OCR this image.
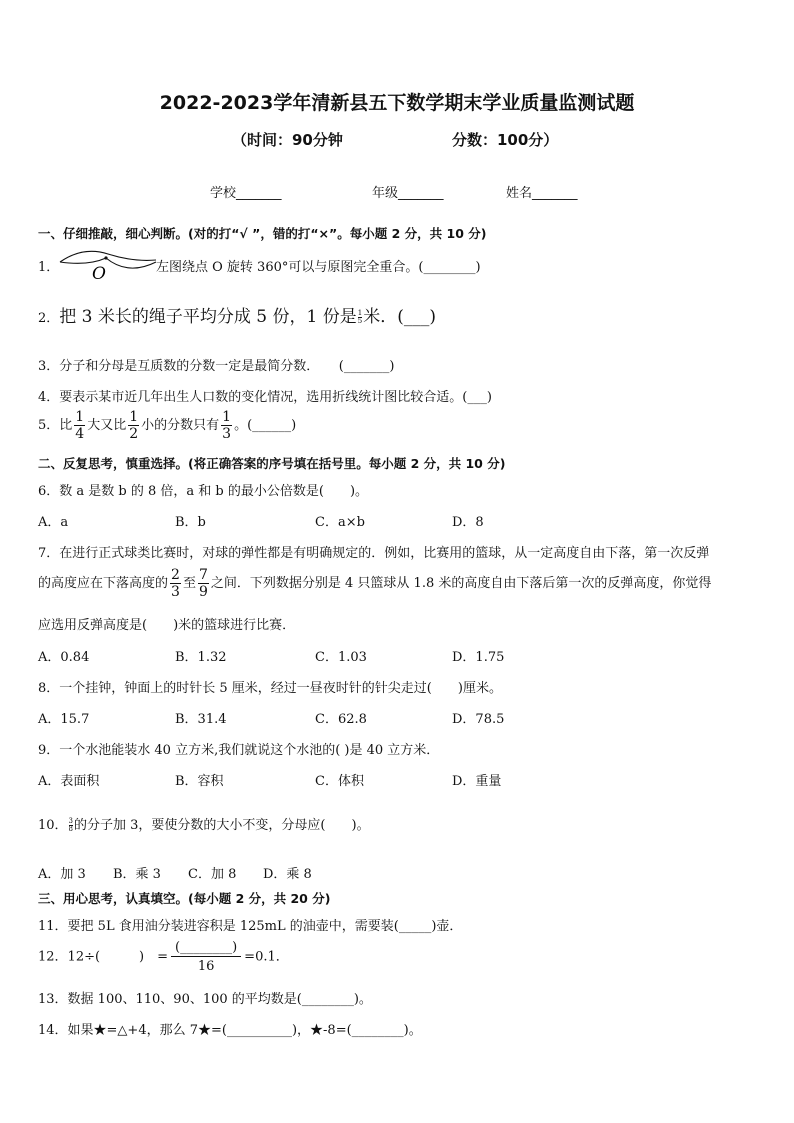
2022-2023学年清新县五下数学期末学业质量监测试题
（时间：90分钟	分数：100分）
学校_______	年级_______	姓名_______
一、仔细推敲，细心判断。(对的打“√ ”，错的打“×”。每小题 2 分，共 10 分)
1． O	左图绕点 O 旋转 360°可以与原图完全重合。(________)
2．把 3 米长的绳子平均分成 5 份，1 份是 $\frac{1}{5}$米．(___)
3．分子和分母是互质数的分数一定是最简分数．　　(_______)
4．要表示某市近几年出生人口数的变化情况，选用折线统计图比较合适。(___)
5．比 $\frac{1}{4}$ 大又比 $\frac{1}{2}$ 小的分数只有 $\frac{1}{3}$ 。(______)
二、反复思考，慎重选择。(将正确答案的序号填在括号里。每小题 2 分，共 10 分)
6．数 a 是数 b 的 8 倍，a 和 b 的最小公倍数是(　　)。
A．a	B．b	C．a×b	D．8
7．在进行正式球类比赛时，对球的弹性都是有明确规定的．例如，比赛用的篮球，从一定高度自由下落，第一次反弹
的高度应在下落高度的 $\frac{2}{3}$ 至 $\frac{7}{9}$ 之间．下列数据分别是 4 只篮球从 1.8 米的高度自由下落后第一次的反弹高度，你觉得
应选用反弹高度是(　　)米的篮球进行比赛．
A．0.84	B．1.32	C．1.03	D．1.75
8．一个挂钟，钟面上的时针长 5 厘米，经过一昼夜时针的针尖走过(　　)厘米。
A．15.7	B．31.4	C．62.8	D．78.5
9．一个水池能装水 40 立方米,我们就说这个水池的( )是 40 立方米．
A．表面积	B．容积	C．体积	D．重量
10． $\frac{3}{8}$的分子加 3，要使分数的大小不变，分母应(　　)。
A．加 3 B．乘 3 C．加 8 D．乘 8
三、用心思考，认真填空。(每小题 2 分，共 20 分)
11．要把 5L 食用油分装进容积是 125mL 的油壶中，需要装(_____)壶．
12．12÷(　　　)　=
(________)
16
=0.1．
13．数据 100、110、90、100 的平均数是(________)。
14．如果★=△+4，那么 7★=(__________)，★-8=(________)。
